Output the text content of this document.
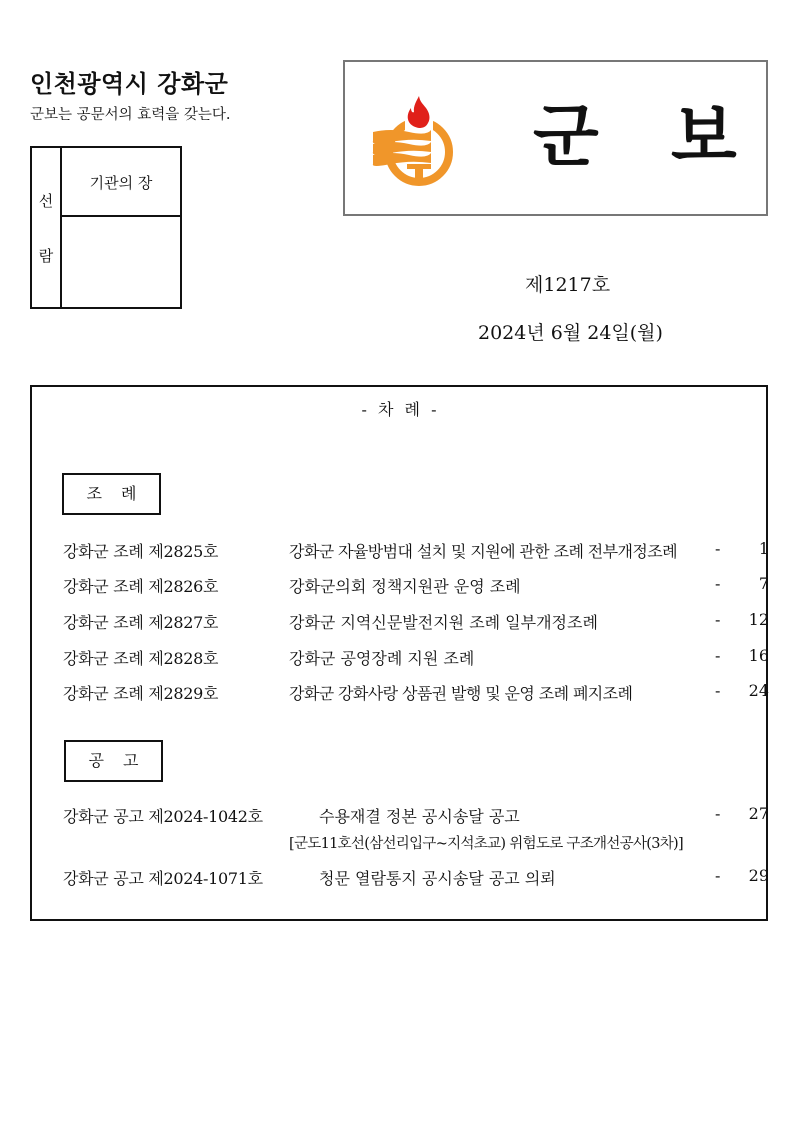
인천광역시 강화군
군보는 공문서의 효력을 갖는다.
선
람
기관의 장
군 보
제1217호
2024년 6월 24일(월)
- 차 례 -
조 례
강화군 조례 제2825호	강화군 자율방범대 설치 및 지원에 관한 조례 전부개정조례 -	1
강화군 조례 제2826호	강화군의회 정책지원관 운영 조례	-	7
강화군 조례 제2827호	강화군 지역신문발전지원 조례 일부개정조례	- 12
강화군 조례 제2828호	강화군 공영장례 지원 조례	- 16
강화군 조례 제2829호	강화군 강화사랑 상품권 발행 및 운영 조례 폐지조례	- 24
공 고
강화군 공고 제2024-1042호	수용재결 정본 공시송달 공고	- 27
[군도11호선(삼선리입구~지석초교) 위험도로 구조개선공사(3차)]
강화군 공고 제2024-1071호	청문 열람통지 공시송달 공고 의뢰	- 29
